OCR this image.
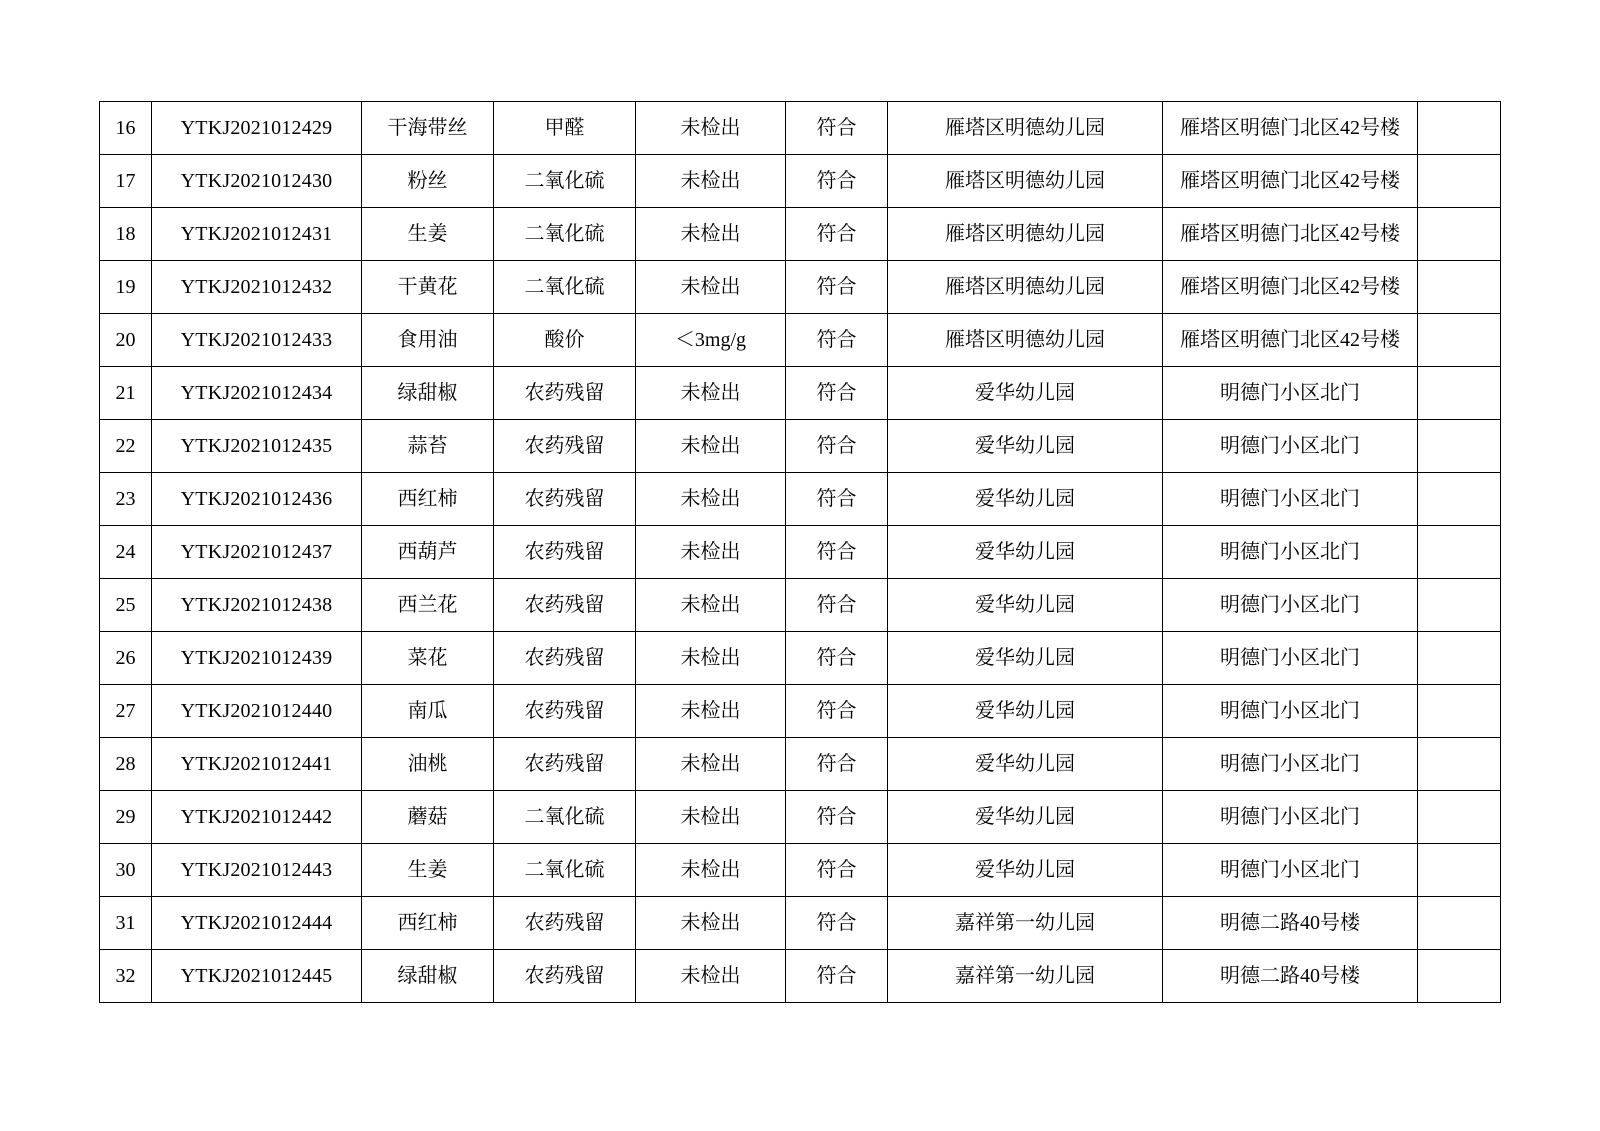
16	YTKJ2021012429	干海带丝	甲醛	未检出	符合	雁塔区明德幼儿园	雁塔区明德门北区42号楼	
17	YTKJ2021012430	粉丝	二氧化硫	未检出	符合	雁塔区明德幼儿园	雁塔区明德门北区42号楼	
18	YTKJ2021012431	生姜	二氧化硫	未检出	符合	雁塔区明德幼儿园	雁塔区明德门北区42号楼	
19	YTKJ2021012432	干黄花	二氧化硫	未检出	符合	雁塔区明德幼儿园	雁塔区明德门北区42号楼	
20	YTKJ2021012433	食用油	酸价	＜3mg/g	符合	雁塔区明德幼儿园	雁塔区明德门北区42号楼	
21	YTKJ2021012434	绿甜椒	农药残留	未检出	符合	爱华幼儿园	明德门小区北门	
22	YTKJ2021012435	蒜苔	农药残留	未检出	符合	爱华幼儿园	明德门小区北门	
23	YTKJ2021012436	西红柿	农药残留	未检出	符合	爱华幼儿园	明德门小区北门	
24	YTKJ2021012437	西葫芦	农药残留	未检出	符合	爱华幼儿园	明德门小区北门	
25	YTKJ2021012438	西兰花	农药残留	未检出	符合	爱华幼儿园	明德门小区北门	
26	YTKJ2021012439	菜花	农药残留	未检出	符合	爱华幼儿园	明德门小区北门	
27	YTKJ2021012440	南瓜	农药残留	未检出	符合	爱华幼儿园	明德门小区北门	
28	YTKJ2021012441	油桃	农药残留	未检出	符合	爱华幼儿园	明德门小区北门	
29	YTKJ2021012442	蘑菇	二氧化硫	未检出	符合	爱华幼儿园	明德门小区北门	
30	YTKJ2021012443	生姜	二氧化硫	未检出	符合	爱华幼儿园	明德门小区北门	
31	YTKJ2021012444	西红柿	农药残留	未检出	符合	嘉祥第一幼儿园	明德二路40号楼	
32	YTKJ2021012445	绿甜椒	农药残留	未检出	符合	嘉祥第一幼儿园	明德二路40号楼	
